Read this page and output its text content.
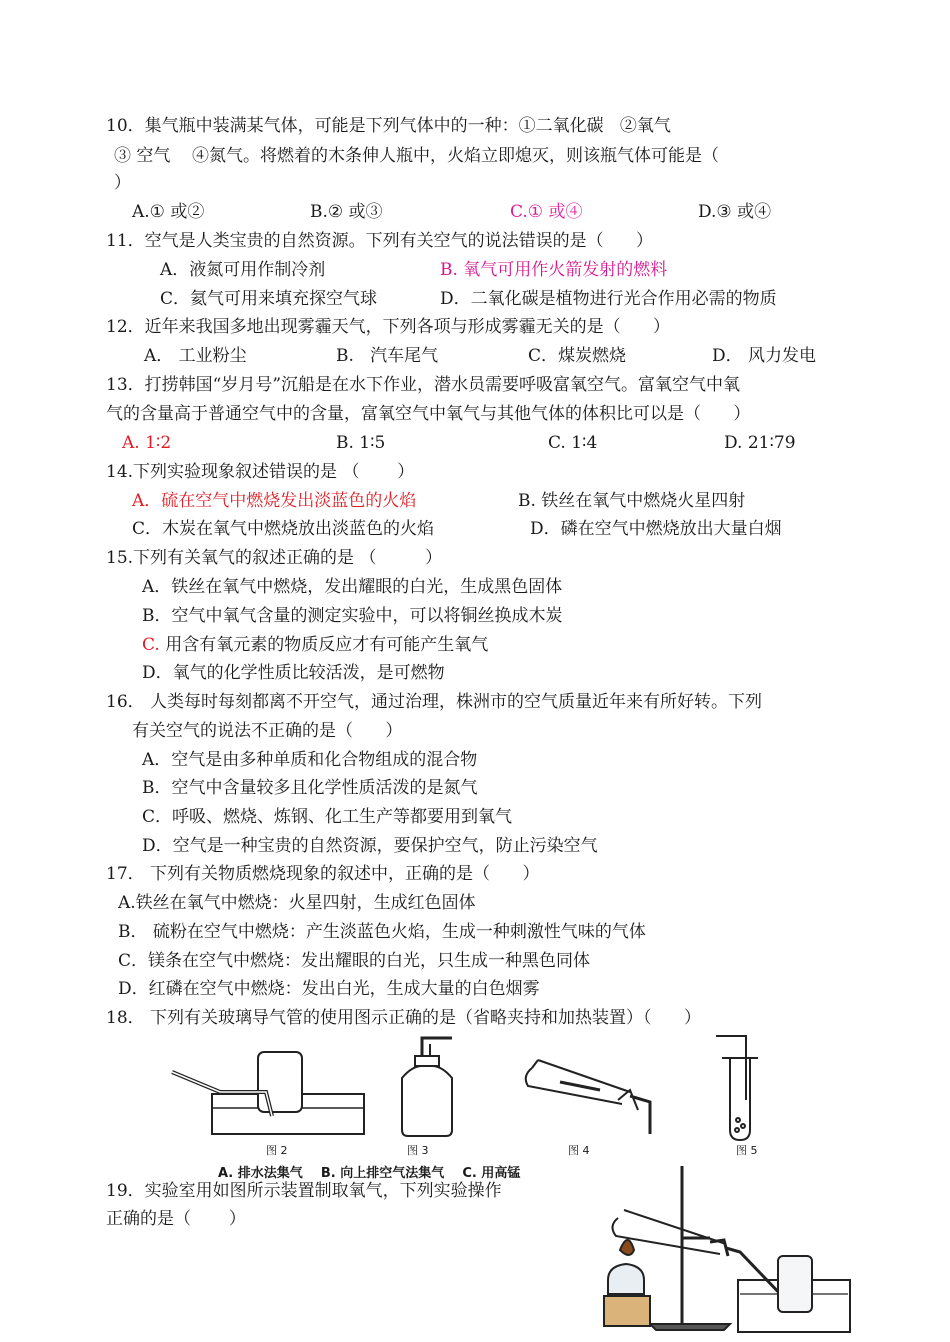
10．集气瓶中装满某气体，可能是下列气体中的一种：①二氧化碳   ②氧气
③ 空气    ④氮气。将燃着的木条伸人瓶中，火焰立即熄灭，则该瓶气体可能是（
）
A.① 或②	B.② 或③	C.① 或④	D.③ 或④
11．空气是人类宝贵的自然资源。下列有关空气的说法错误的是（      ）
A．液氮可用作制冷剂	B. 氧气可用作火箭发射的燃料
C．氦气可用来填充探空气球	D．二氧化碳是植物进行光合作用必需的物质
12．近年来我国多地出现雾霾天气，下列各项与形成雾霾无关的是（      ）
A． 工业粉尘	B.   汽车尾气	C．煤炭燃烧	D． 风力发电
13．打捞韩国“岁月号”沉船是在水下作业，潜水员需要呼吸富氧空气。富氧空气中氧
气的含量高于普通空气中的含量，富氧空气中氧气与其他气体的体积比可以是（      ）
A. 1∶2	B. 1∶5	C. 1∶4	D. 21∶79
14.下列实验现象叙述错误的是 （       ）
A．硫在空气中燃烧发出淡蓝色的火焰	B. 铁丝在氧气中燃烧火星四射
C．木炭在氧气中燃烧放出淡蓝色的火焰	D．磷在空气中燃烧放出大量白烟
15.下列有关氧气的叙述正确的是 （         ）
A．铁丝在氧气中燃烧，发出耀眼的白光，生成黑色固体
B．空气中氧气含量的测定实验中，可以将铜丝换成木炭
C. 用含有氧元素的物质反应才有可能产生氧气
D．氧气的化学性质比较活泼，是可燃物
16． 人类每时每刻都离不开空气，通过治理，株洲市的空气质量近年来有所好转。下列
有关空气的说法不正确的是（      ）
A．空气是由多种单质和化合物组成的混合物
B．空气中含量较多且化学性质活泼的是氮气
C．呼吸、燃烧、炼钢、化工生产等都要用到氧气
D．空气是一种宝贵的自然资源，要保护空气，防止污染空气
17． 下列有关物质燃烧现象的叙述中，正确的是（      ）
A.铁丝在氧气中燃烧：火星四射，生成红色固体
B． 硫粉在空气中燃烧：产生淡蓝色火焰，生成一种刺激性气味的气体
C．镁条在空气中燃烧：发出耀眼的白光，只生成一种黑色同体
D．红磷在空气中燃烧：发出白光，生成大量的白色烟雾
18． 下列有关玻璃导气管的使用图示正确的是（省略夹持和加热装置）（      ）
图 2	图 3	图 4	图 5
A. 排水法集气    B. 向上排空气法集气    C. 用高锰
19．实验室用如图所示装置制取氧气，下列实验操作
正确的是（       ）
